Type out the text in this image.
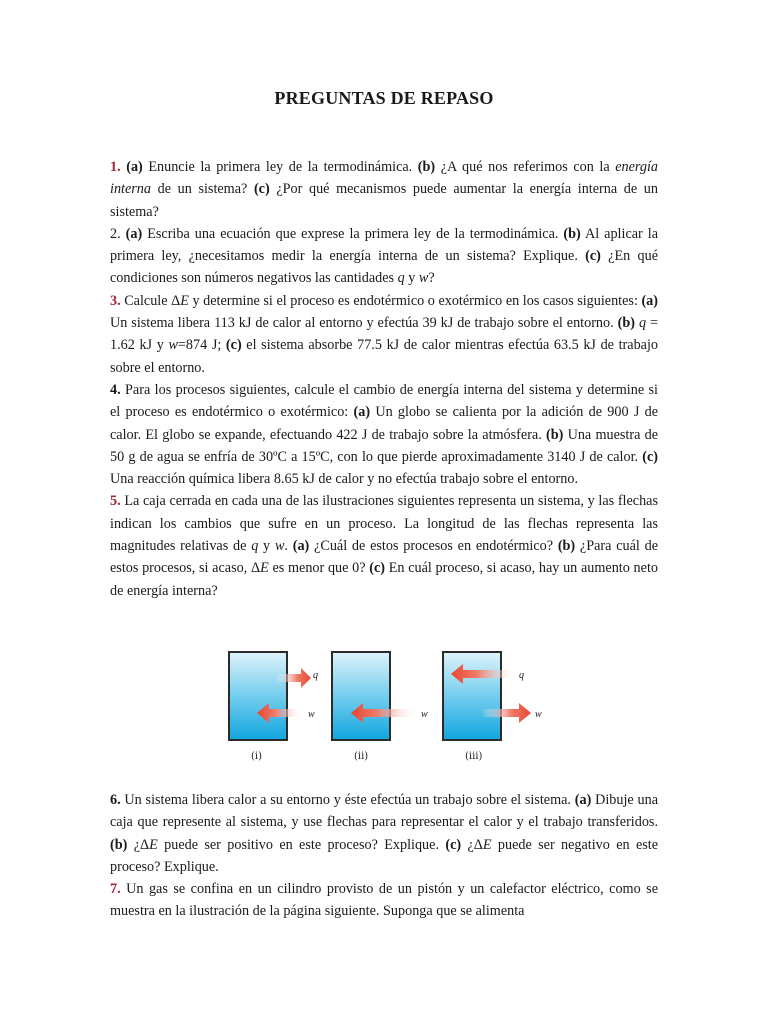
PREGUNTAS DE REPASO

1. (a) Enuncie la primera ley de la termodinámica. (b) ¿A qué nos referimos con la energía interna de un sistema? (c) ¿Por qué mecanismos puede aumentar la energía interna de un sistema?

2. (a) Escriba una ecuación que exprese la primera ley de la termodinámica. (b) Al aplicar la primera ley, ¿necesitamos medir la energía interna de un sistema? Explique. (c) ¿En qué condiciones son números negativos las cantidades q y w?

3. Calcule ΔE y determine si el proceso es endotérmico o exotérmico en los casos siguientes: (a) Un sistema libera 113 kJ de calor al entorno y efectúa 39 kJ de trabajo sobre el entorno. (b) q = 1.62 kJ y w=874 J; (c) el sistema absorbe 77.5 kJ de calor mientras efectúa 63.5 kJ de trabajo sobre el entorno.

4. Para los procesos siguientes, calcule el cambio de energía interna del sistema y determine si el proceso es endotérmico o exotérmico: (a) Un globo se calienta por la adición de 900 J de calor. El globo se expande, efectuando 422 J de trabajo sobre la atmósfera. (b) Una muestra de 50 g de agua se enfría de 30ºC a 15ºC, con lo que pierde aproximadamente 3140 J de calor. (c) Una reacción química libera 8.65 kJ de calor y no efectúa trabajo sobre el entorno.

5. La caja cerrada en cada una de las ilustraciones siguientes representa un sistema, y las flechas indican los cambios que sufre en un proceso. La longitud de las flechas representa las magnitudes relativas de q y w. (a) ¿Cuál de estos procesos en endotérmico? (b) ¿Para cuál de estos procesos, si acaso, ΔE es menor que 0? (c) En cuál proceso, si acaso, hay un aumento neto de energía interna?

q
w
(i)
w
(ii)
q
w
(iii)

6. Un sistema libera calor a su entorno y éste efectúa un trabajo sobre el sistema. (a) Dibuje una caja que represente al sistema, y use flechas para representar el calor y el trabajo transferidos. (b) ¿ΔE puede ser positivo en este proceso? Explique. (c) ¿ΔE puede ser negativo en este proceso? Explique.

7. Un gas se confina en un cilindro provisto de un pistón y un calefactor eléctrico, como se muestra en la ilustración de la página siguiente. Suponga que se alimenta
